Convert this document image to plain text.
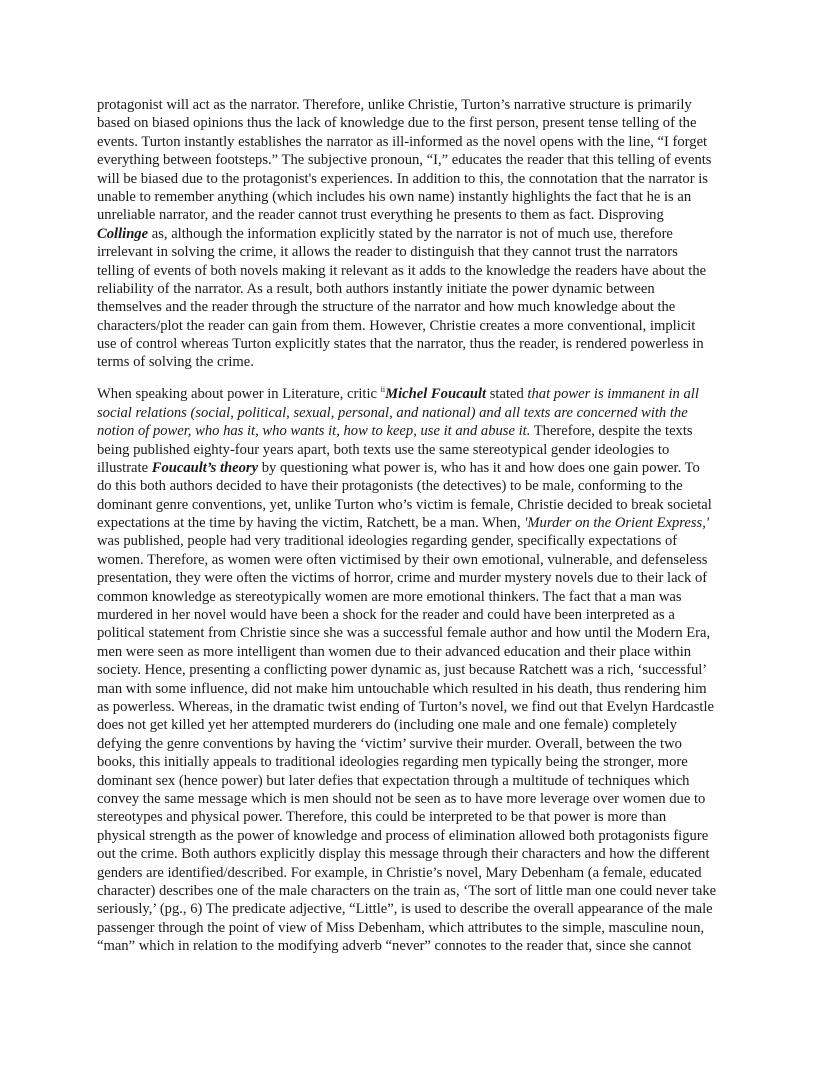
protagonist will act as the narrator. Therefore, unlike Christie, Turton’s narrative structure is primarily
based on biased opinions thus the lack of knowledge due to the first person, present tense telling of the
events. Turton instantly establishes the narrator as ill-informed as the novel opens with the line, “I forget
everything between footsteps.” The subjective pronoun, “I,” educates the reader that this telling of events
will be biased due to the protagonist's experiences. In addition to this, the connotation that the narrator is
unable to remember anything (which includes his own name) instantly highlights the fact that he is an
unreliable narrator, and the reader cannot trust everything he presents to them as fact. Disproving
Collinge as, although the information explicitly stated by the narrator is not of much use, therefore
irrelevant in solving the crime, it allows the reader to distinguish that they cannot trust the narrators
telling of events of both novels making it relevant as it adds to the knowledge the readers have about the
reliability of the narrator. As a result, both authors instantly initiate the power dynamic between
themselves and the reader through the structure of the narrator and how much knowledge about the
characters/plot the reader can gain from them. However, Christie creates a more conventional, implicit
use of control whereas Turton explicitly states that the narrator, thus the reader, is rendered powerless in
terms of solving the crime.
When speaking about power in Literature, critic $^{ii}$Michel Foucault stated that power is immanent in all
social relations (social, political, sexual, personal, and national) and all texts are concerned with the
notion of power, who has it, who wants it, how to keep, use it and abuse it. Therefore, despite the texts
being published eighty-four years apart, both texts use the same stereotypical gender ideologies to
illustrate Foucault’s theory by questioning what power is, who has it and how does one gain power. To
do this both authors decided to have their protagonists (the detectives) to be male, conforming to the
dominant genre conventions, yet, unlike Turton who’s victim is female, Christie decided to break societal
expectations at the time by having the victim, Ratchett, be a man. When, 'Murder on the Orient Express,'
was published, people had very traditional ideologies regarding gender, specifically expectations of
women. Therefore, as women were often victimised by their own emotional, vulnerable, and defenseless
presentation, they were often the victims of horror, crime and murder mystery novels due to their lack of
common knowledge as stereotypically women are more emotional thinkers. The fact that a man was
murdered in her novel would have been a shock for the reader and could have been interpreted as a
political statement from Christie since she was a successful female author and how until the Modern Era,
men were seen as more intelligent than women due to their advanced education and their place within
society. Hence, presenting a conflicting power dynamic as, just because Ratchett was a rich, ‘successful’
man with some influence, did not make him untouchable which resulted in his death, thus rendering him
as powerless. Whereas, in the dramatic twist ending of Turton’s novel, we find out that Evelyn Hardcastle
does not get killed yet her attempted murderers do (including one male and one female) completely
defying the genre conventions by having the ‘victim’ survive their murder. Overall, between the two
books, this initially appeals to traditional ideologies regarding men typically being the stronger, more
dominant sex (hence power) but later defies that expectation through a multitude of techniques which
convey the same message which is men should not be seen as to have more leverage over women due to
stereotypes and physical power. Therefore, this could be interpreted to be that power is more than
physical strength as the power of knowledge and process of elimination allowed both protagonists figure
out the crime. Both authors explicitly display this message through their characters and how the different
genders are identified/described. For example, in Christie’s novel, Mary Debenham (a female, educated
character) describes one of the male characters on the train as, ‘The sort of little man one could never take
seriously,’ (pg., 6) The predicate adjective, “Little”, is used to describe the overall appearance of the male
passenger through the point of view of Miss Debenham, which attributes to the simple, masculine noun,
“man” which in relation to the modifying adverb “never” connotes to the reader that, since she cannot
